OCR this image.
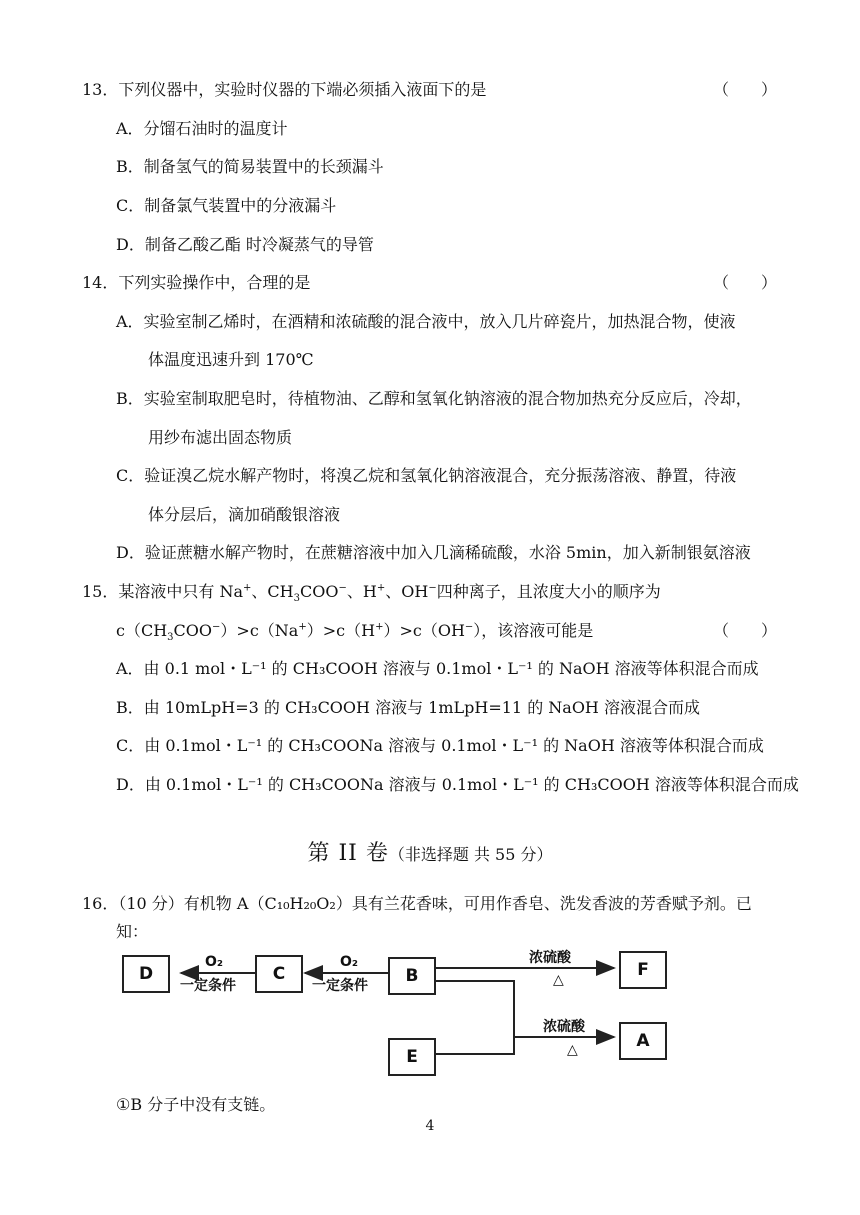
13．下列仪器中，实验时仪器的下端必须插入液面下的是	（　　）
A．分馏石油时的温度计
B．制备氢气的简易装置中的长颈漏斗
C．制备氯气装置中的分液漏斗
D．制备乙酸乙酯 时冷凝蒸气的导管
14．下列实验操作中，合理的是	（　　）
A．实验室制乙烯时，在酒精和浓硫酸的混合液中，放入几片碎瓷片，加热混合物，使液
体温度迅速升到 170℃
B．实验室制取肥皂时，待植物油、乙醇和氢氧化钠溶液的混合物加热充分反应后，冷却，
用纱布滤出固态物质
C．验证溴乙烷水解产物时，将溴乙烷和氢氧化钠溶液混合，充分振荡溶液、静置，待液
体分层后，滴加硝酸银溶液
D．验证蔗糖水解产物时，在蔗糖溶液中加入几滴稀硫酸，水浴 5min，加入新制银氨溶液
15．某溶液中只有 Na+、$CH_3COO^-$、H+、OH−四种离子，且浓度大小的顺序为
$c(CH_3COO^-)>c(Na^+)>c(H^+)>c(OH^-)$，该溶液可能是	（　　）
A．由 0.1 mol・L⁻¹ 的 CH₃COOH 溶液与 0.1mol・L⁻¹ 的 NaOH 溶液等体积混合而成
B．由 10mLpH=3 的 CH₃COOH 溶液与 1mLpH=11 的 NaOH 溶液混合而成
C．由 0.1mol・L⁻¹ 的 CH₃COONa 溶液与 0.1mol・L⁻¹ 的 NaOH 溶液等体积混合而成
D．由 0.1mol・L⁻¹ 的 CH₃COONa 溶液与 0.1mol・L⁻¹ 的 CH₃COOH 溶液等体积混合而成
第 II 卷（非选择题 共 55 分）
16．（10 分）有机物 A（C₁₀H₂₀O₂）具有兰花香味，可用作香皂、洗发香波的芳香赋予剂。已
知：
D	C	B	F
E
A
O₂
一定条件
O₂
一定条件
浓硫酸
△
浓硫酸
△
①B 分子中没有支链。
4
